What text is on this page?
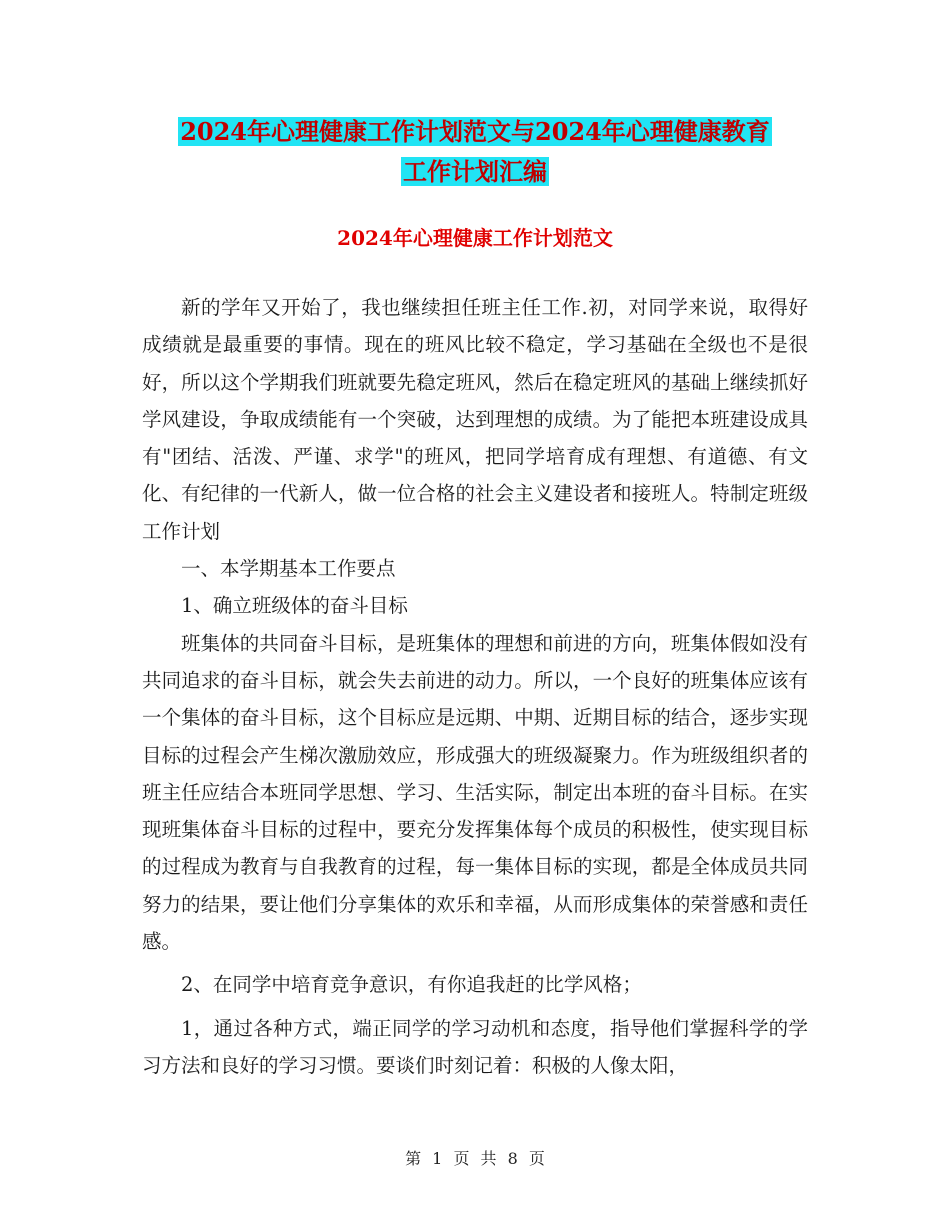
2024年心理健康工作计划范文与2024年心理健康教育
工作计划汇编
2024年心理健康工作计划范文

新的学年又开始了，我也继续担任班主任工作.初，对同学来说，取得好成绩就是最重要的事情。现在的班风比较不稳定，学习基础在全级也不是很好，所以这个学期我们班就要先稳定班风，然后在稳定班风的基础上继续抓好学风建设，争取成绩能有一个突破，达到理想的成绩。为了能把本班建设成具有"团结、活泼、严谨、求学"的班风，把同学培育成有理想、有道德、有文化、有纪律的一代新人，做一位合格的社会主义建设者和接班人。特制定班级工作计划

一、本学期基本工作要点

1、确立班级体的奋斗目标

班集体的共同奋斗目标，是班集体的理想和前进的方向，班集体假如没有共同追求的奋斗目标，就会失去前进的动力。所以，一个良好的班集体应该有一个集体的奋斗目标，这个目标应是远期、中期、近期目标的结合，逐步实现目标的过程会产生梯次激励效应，形成强大的班级凝聚力。作为班级组织者的班主任应结合本班同学思想、学习、生活实际，制定出本班的奋斗目标。在实现班集体奋斗目标的过程中，要充分发挥集体每个成员的积极性，使实现目标的过程成为教育与自我教育的过程，每一集体目标的实现，都是全体成员共同努力的结果，要让他们分享集体的欢乐和幸福，从而形成集体的荣誉感和责任感。

2、在同学中培育竞争意识，有你追我赶的比学风格；

1，通过各种方式，端正同学的学习动机和态度，指导他们掌握科学的学习方法和良好的学习习惯。要谈们时刻记着：积极的人像太阳，

第 1 页 共 8 页
